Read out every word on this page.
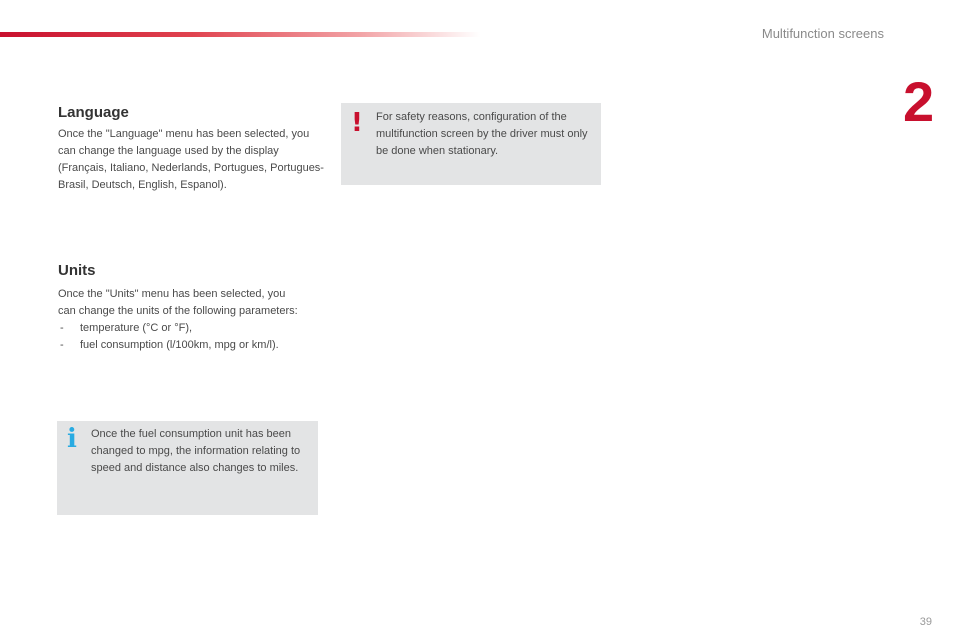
Multifunction screens
2
Language
Once the "Language" menu has been selected, you can change the language used by the display (Français, Italiano, Nederlands, Portugues, Portugues-Brasil, Deutsch, English, Espanol).
Units
Once the "Units" menu has been selected, you can change the units of the following parameters:
- temperature (°C or °F),
- fuel consumption (l/100km, mpg or km/l).
i Once the fuel consumption unit has been changed to mpg, the information relating to speed and distance also changes to miles.
! For safety reasons, configuration of the multifunction screen by the driver must only be done when stationary.
39
